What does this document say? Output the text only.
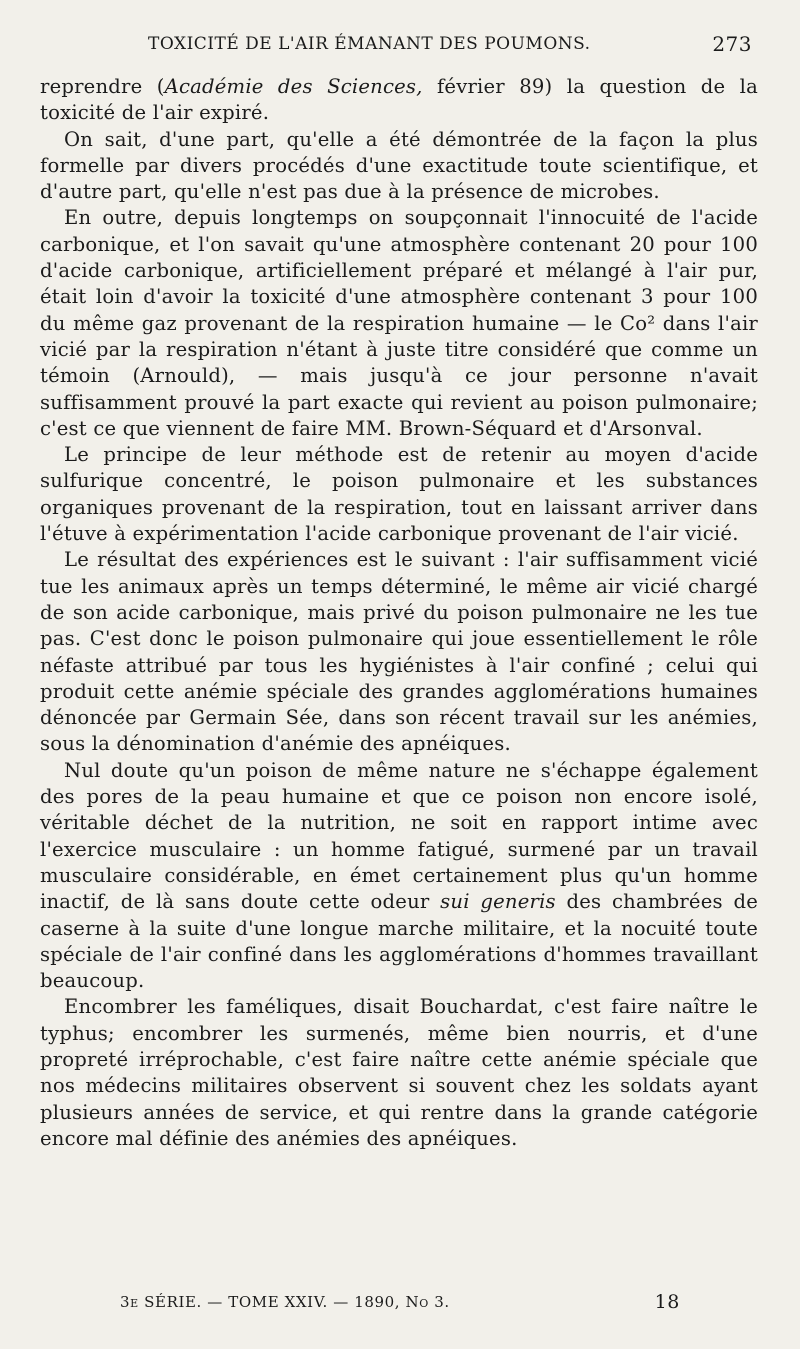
TOXICITÉ DE L'AIR ÉMANANT DES POUMONS.	273

reprendre (Académie des Sciences, février 89) la question de la toxicité de l'air expiré.

On sait, d'une part, qu'elle a été démontrée de la façon la plus formelle par divers procédés d'une exactitude toute scientifique, et d'autre part, qu'elle n'est pas due à la présence de microbes.

En outre, depuis longtemps on soupçonnait l'innocuité de l'acide carbonique, et l'on savait qu'une atmosphère contenant 20 pour 100 d'acide carbonique, artificiellement préparé et mélangé à l'air pur, était loin d'avoir la toxicité d'une atmosphère contenant 3 pour 100 du même gaz provenant de la respiration humaine — le Co² dans l'air vicié par la respiration n'étant à juste titre considéré que comme un témoin (Arnould), — mais jusqu'à ce jour personne n'avait suffisamment prouvé la part exacte qui revient au poison pulmonaire; c'est ce que viennent de faire MM. Brown-Séquard et d'Arsonval.

Le principe de leur méthode est de retenir au moyen d'acide sulfurique concentré, le poison pulmonaire et les substances organiques provenant de la respiration, tout en laissant arriver dans l'étuve à expérimentation l'acide carbonique provenant de l'air vicié.

Le résultat des expériences est le suivant : l'air suffisamment vicié tue les animaux après un temps déterminé, le même air vicié chargé de son acide carbonique, mais privé du poison pulmonaire ne les tue pas. C'est donc le poison pulmonaire qui joue essentiellement le rôle néfaste attribué par tous les hygiénistes à l'air confiné ; celui qui produit cette anémie spéciale des grandes agglomérations humaines dénoncée par Germain Sée, dans son récent travail sur les anémies, sous la dénomination d'anémie des apnéiques.

Nul doute qu'un poison de même nature ne s'échappe également des pores de la peau humaine et que ce poison non encore isolé, véritable déchet de la nutrition, ne soit en rapport intime avec l'exercice musculaire : un homme fatigué, surmené par un travail musculaire considérable, en émet certainement plus qu'un homme inactif, de là sans doute cette odeur sui generis des chambrées de caserne à la suite d'une longue marche militaire, et la nocuité toute spéciale de l'air confiné dans les agglomérations d'hommes travaillant beaucoup.

Encombrer les faméliques, disait Bouchardat, c'est faire naître le typhus; encombrer les surmenés, même bien nourris, et d'une propreté irréprochable, c'est faire naître cette anémie spéciale que nos médecins militaires observent si souvent chez les soldats ayant plusieurs années de service, et qui rentre dans la grande catégorie encore mal définie des anémies des apnéiques.

3e SÉRIE. — TOME XXIV. — 1890, No 3.	18
